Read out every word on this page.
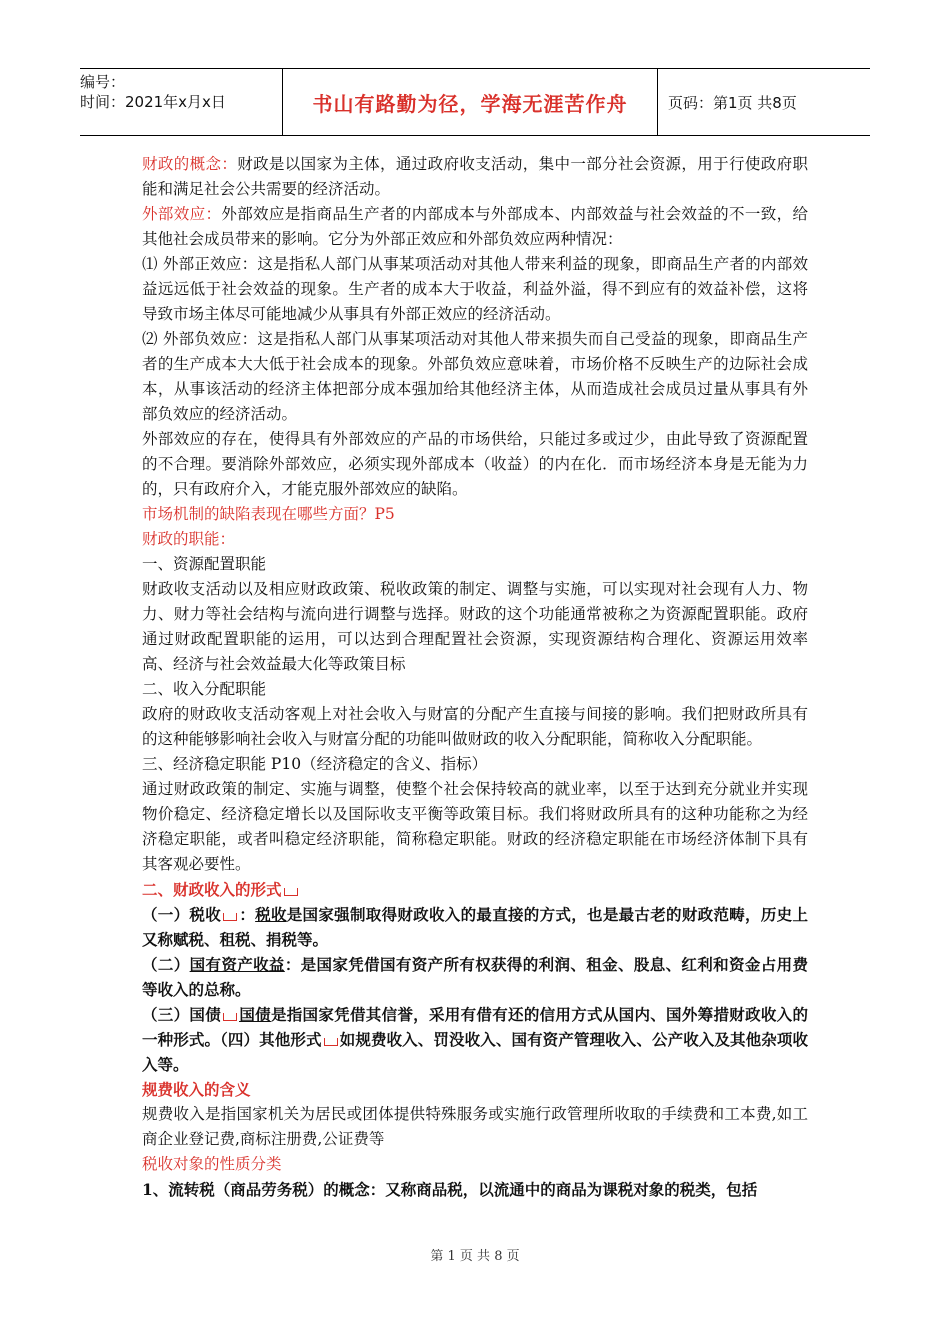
编号：
时间：2021年x月x日	书山有路勤为径，学海无涯苦作舟	页码：第1页 共8页

财政的概念：财政是以国家为主体，通过政府收支活动，集中一部分社会资源，用于行使政府职能和满足社会公共需要的经济活动。

外部效应：外部效应是指商品生产者的内部成本与外部成本、内部效益与社会效益的不一致，给其他社会成员带来的影响。它分为外部正效应和外部负效应两种情况：

⑴ 外部正效应：这是指私人部门从事某项活动对其他人带来利益的现象，即商品生产者的内部效益远远低于社会效益的现象。生产者的成本大于收益，利益外溢，得不到应有的效益补偿，这将导致市场主体尽可能地减少从事具有外部正效应的经济活动。

⑵ 外部负效应：这是指私人部门从事某项活动对其他人带来损失而自己受益的现象，即商品生产者的生产成本大大低于社会成本的现象。外部负效应意味着，市场价格不反映生产的边际社会成本，从事该活动的经济主体把部分成本强加给其他经济主体，从而造成社会成员过量从事具有外部负效应的经济活动。

外部效应的存在，使得具有外部效应的产品的市场供给，只能过多或过少，由此导致了资源配置的不合理。要消除外部效应，必须实现外部成本（收益）的内在化．而市场经济本身是无能为力的，只有政府介入，才能克服外部效应的缺陷。

市场机制的缺陷表现在哪些方面？P5

财政的职能：

一、资源配置职能

财政收支活动以及相应财政政策、税收政策的制定、调整与实施，可以实现对社会现有人力、物力、财力等社会结构与流向进行调整与选择。财政的这个功能通常被称之为资源配置职能。政府通过财政配置职能的运用，可以达到合理配置社会资源，实现资源结构合理化、资源运用效率高、经济与社会效益最大化等政策目标

二、收入分配职能

政府的财政收支活动客观上对社会收入与财富的分配产生直接与间接的影响。我们把财政所具有的这种能够影响社会收入与财富分配的功能叫做财政的收入分配职能，简称收入分配职能。

三、经济稳定职能 P10（经济稳定的含义、指标）

通过财政政策的制定、实施与调整，使整个社会保持较高的就业率，以至于达到充分就业并实现物价稳定、经济稳定增长以及国际收支平衡等政策目标。我们将财政所具有的这种功能称之为经济稳定职能，或者叫稳定经济职能，简称稳定职能。财政的经济稳定职能在市场经济体制下具有其客观必要性。

二、财政收入的形式

（一）税收 ：税收是国家强制取得财政收入的最直接的方式，也是最古老的财政范畴，历史上又称赋税、租税、捐税等。

（二）国有资产收益：是国家凭借国有资产所有权获得的利润、租金、股息、红利和资金占用费等收入的总称。

（三）国债 国债是指国家凭借其信誉，采用有借有还的信用方式从国内、国外筹措财政收入的一种形式。（四）其他形式 如规费收入、罚没收入、国有资产管理收入、公产收入及其他杂项收入等。

规费收入的含义

规费收入是指国家机关为居民或团体提供特殊服务或实施行政管理所收取的手续费和工本费,如工商企业登记费,商标注册费,公证费等

税收对象的性质分类

1、流转税（商品劳务税）的概念：又称商品税，以流通中的商品为课税对象的税类，包括

第 1 页 共 8 页
